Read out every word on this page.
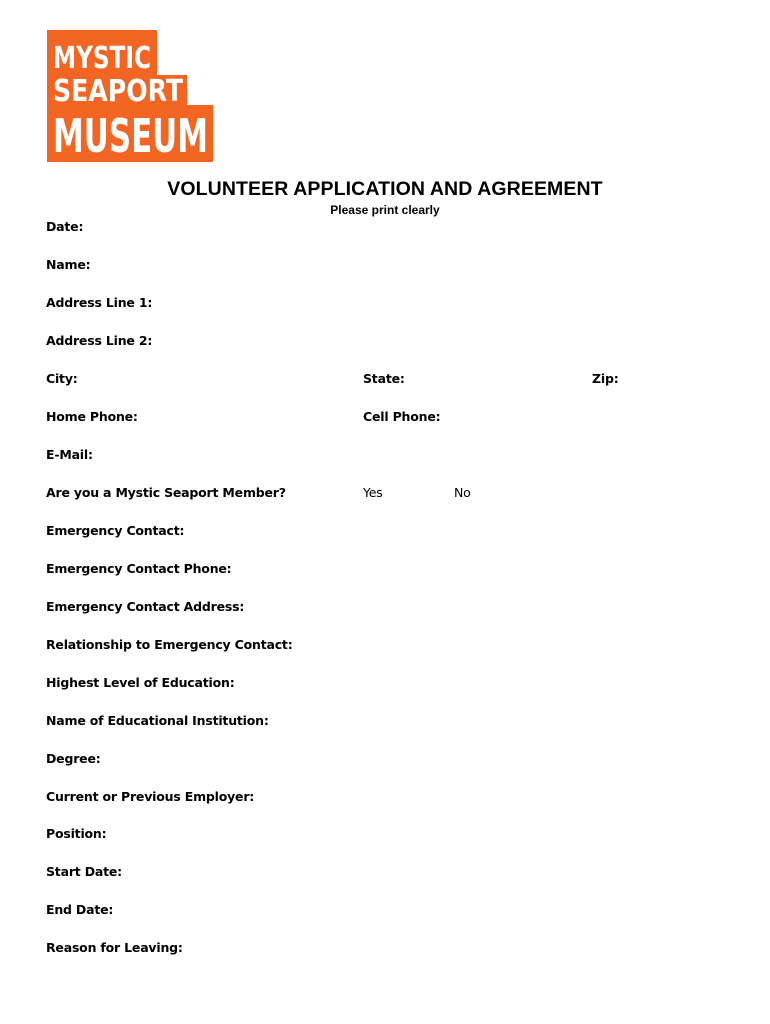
MYSTIC
SEAPORT
MUSEUM
VOLUNTEER APPLICATION AND AGREEMENT
Please print clearly
Date:
Name:
Address Line 1:
Address Line 2:
City:	State:	Zip:
Home Phone:	Cell Phone:
E-Mail:
Are you a Mystic Seaport Member?	Yes	No
Emergency Contact:
Emergency Contact Phone:
Emergency Contact Address:
Relationship to Emergency Contact:
Highest Level of Education:
Name of Educational Institution:
Degree:
Current or Previous Employer:
Position:
Start Date:
End Date:
Reason for Leaving:
